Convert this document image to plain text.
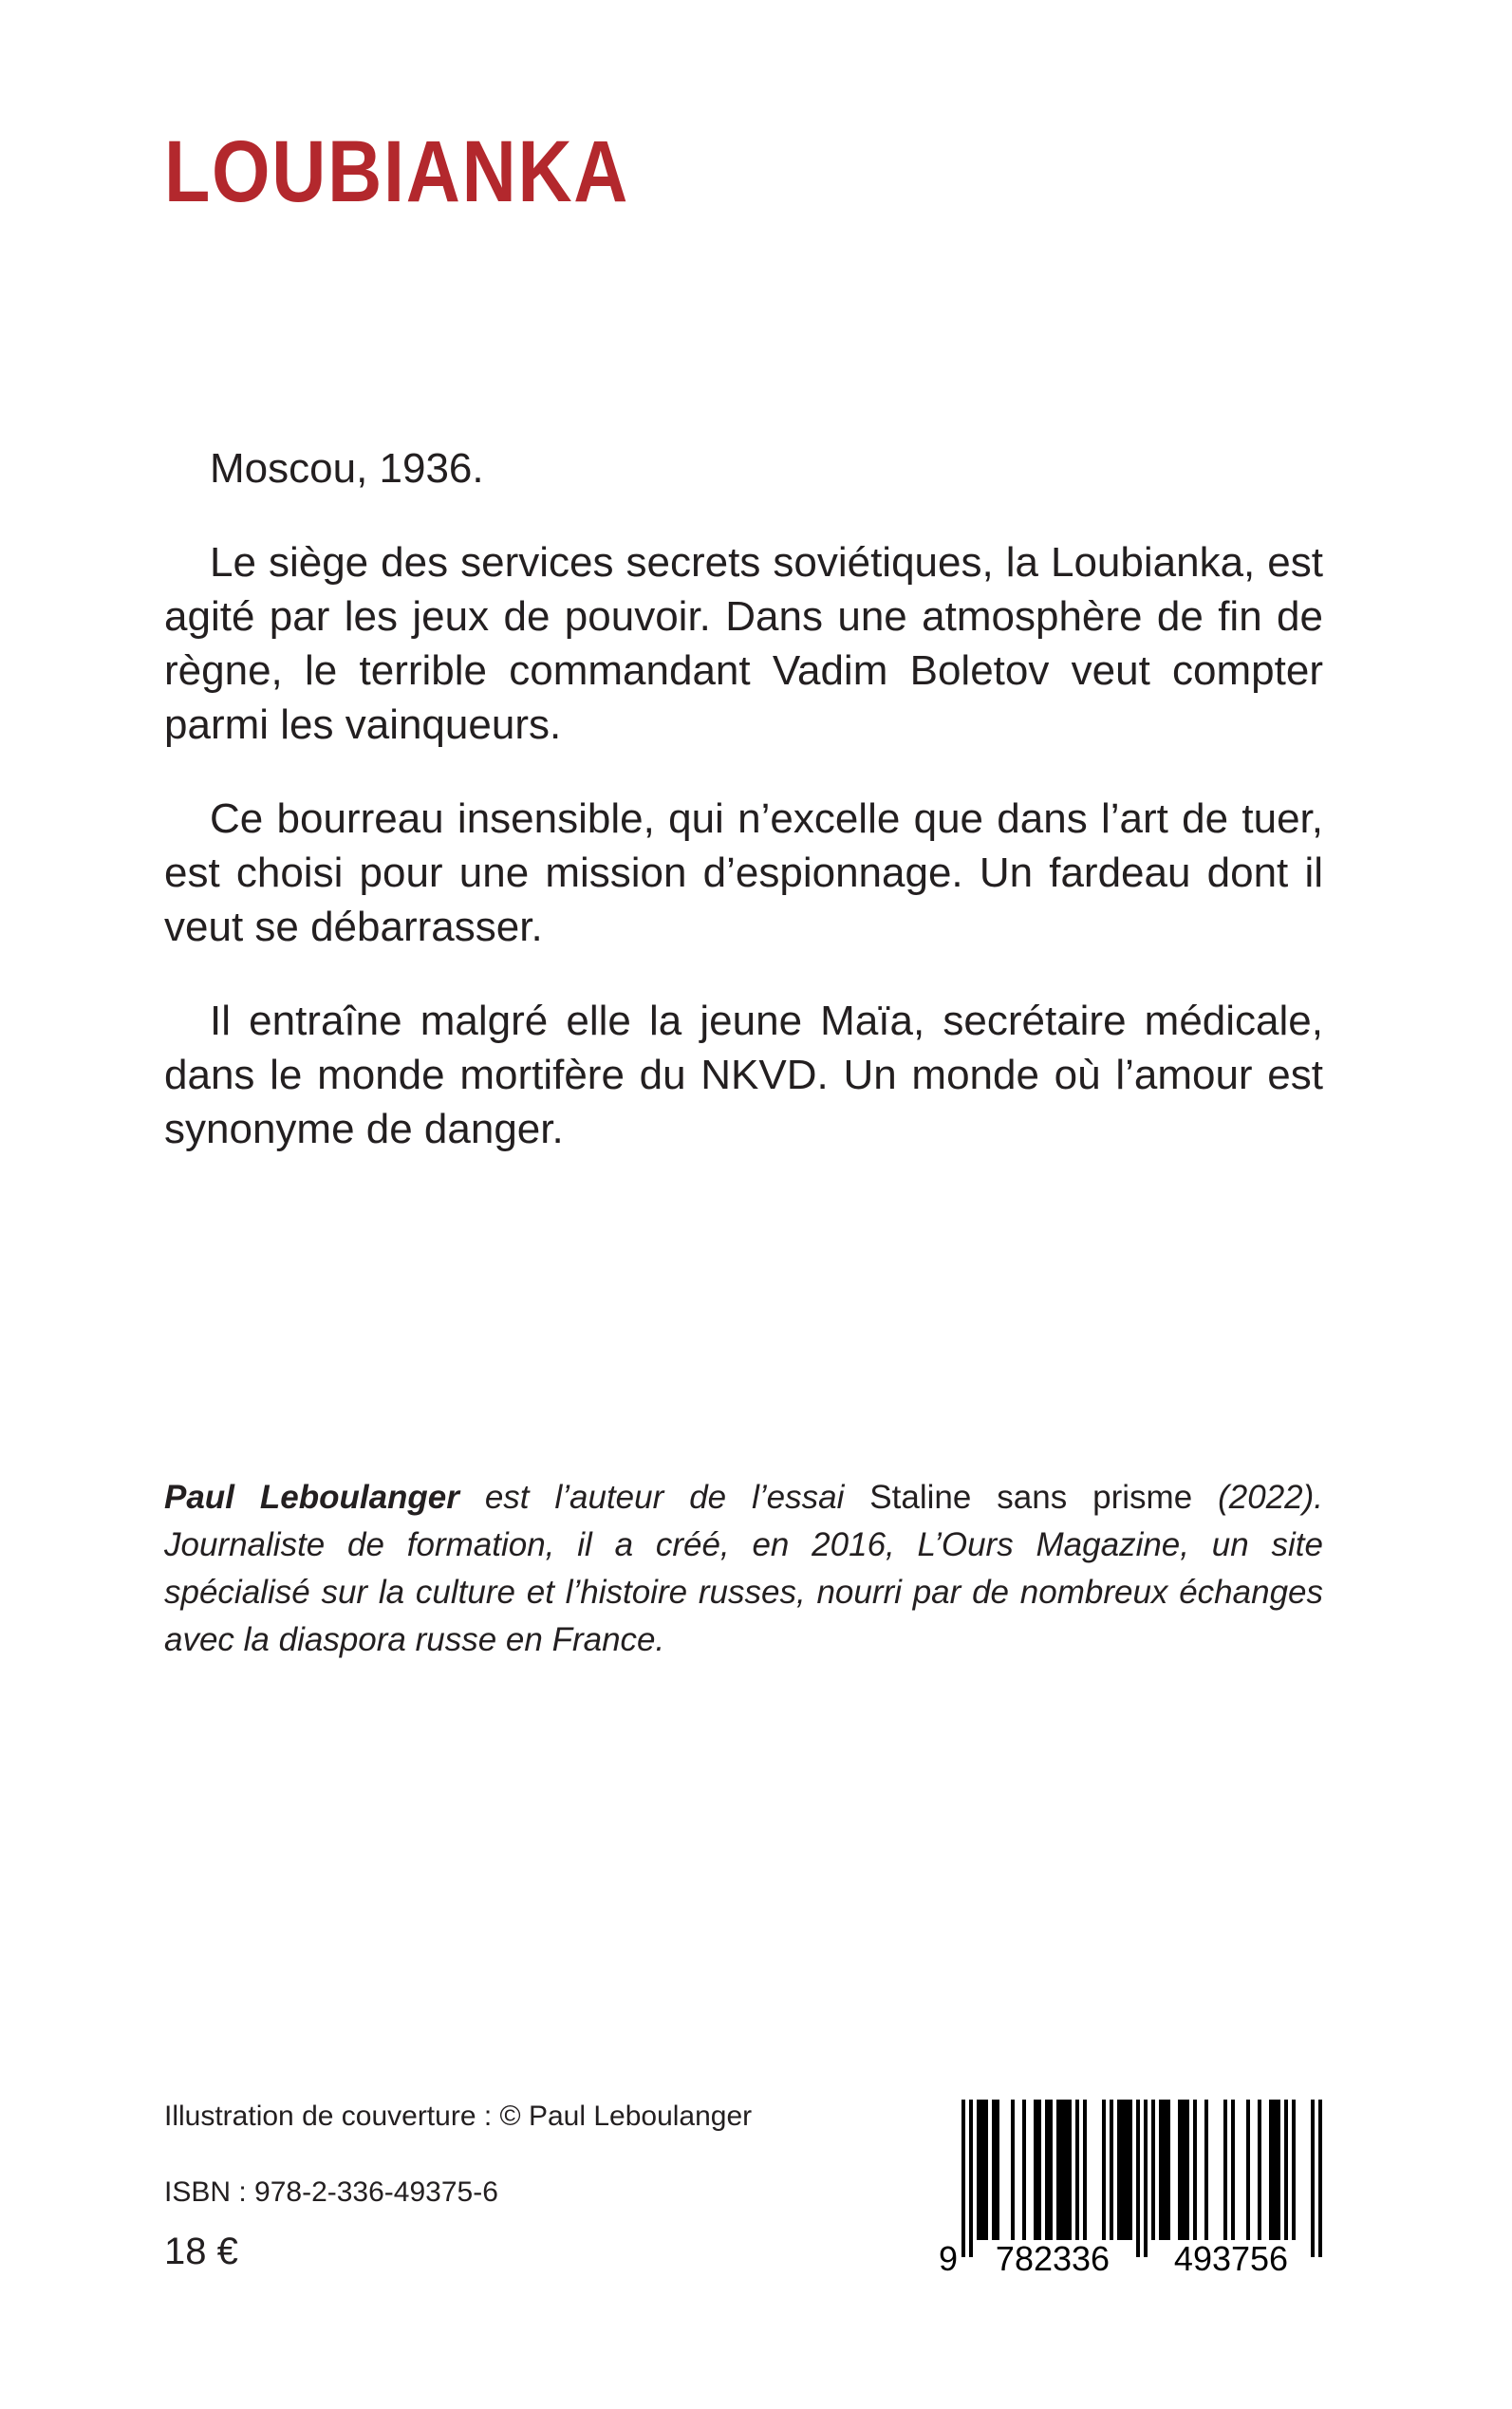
LOUBIANKA

Moscou, 1936.

Le siège des services secrets soviétiques, la Loubianka, est agité par les jeux de pouvoir. Dans une atmosphère de fin de règne, le terrible commandant Vadim Boletov veut compter parmi les vainqueurs.

Ce bourreau insensible, qui n’excelle que dans l’art de tuer, est choisi pour une mission d’espionnage. Un fardeau dont il veut se débarrasser.

Il entraîne malgré elle la jeune Maïa, secrétaire médicale, dans le monde mortifère du NKVD. Un monde où l’amour est synonyme de danger.

Paul Leboulanger est l’auteur de l’essai Staline sans prisme (2022). Journaliste de formation, il a créé, en 2016, L’Ours Magazine, un site spécialisé sur la culture et l’histoire russes, nourri par de nombreux échanges avec la diaspora russe en France.

Illustration de couverture : © Paul Leboulanger

ISBN : 978-2-336-49375-6

18 €	9 782336 493756
